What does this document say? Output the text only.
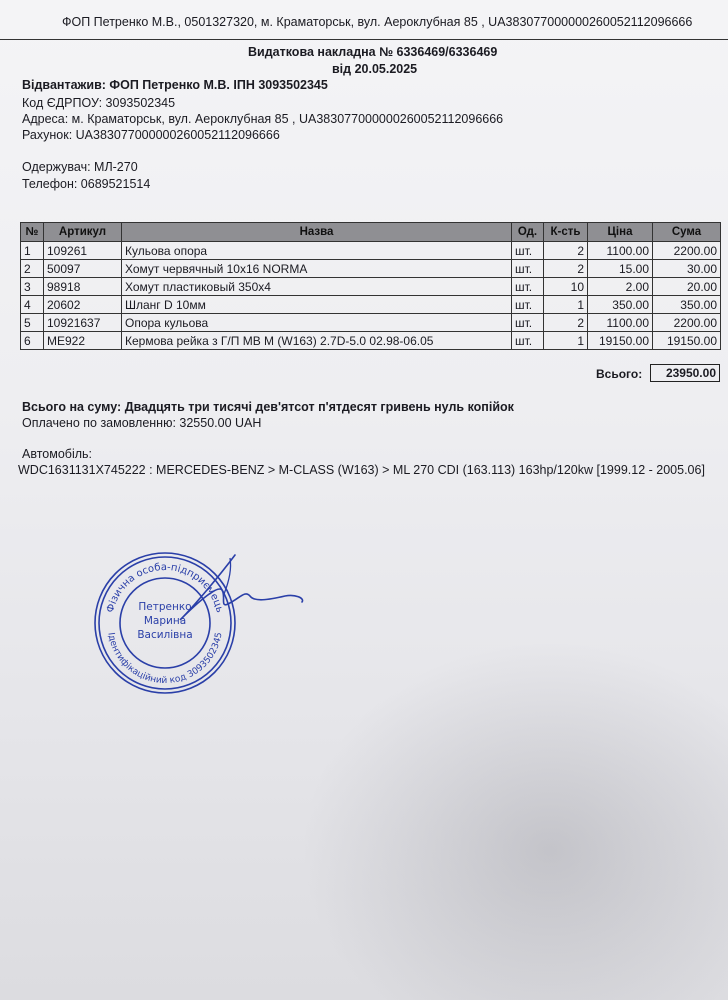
ФОП Петренко М.В., 0501327320, м. Краматорськ, вул. Аероклубная 85 , UA383077000000260052112096666
Видаткова накладна № 6336469/6336469
від 20.05.2025
Відвантажив: ФОП Петренко М.В. ІПН 3093502345
Код ЄДРПОУ: 3093502345
Адреса: м. Краматорськ, вул. Аероклубная 85 , UA383077000000260052112096666
Рахунок: UA383077000000260052112096666
Одержувач: МЛ-270
Телефон: 0689521514
№	Артикул	Назва	Од.	К-сть	Ціна	Сума
1	109261	Кульова опора	шт.	2	1100.00	2200.00
2	50097	Хомут червячный 10х16 NORMA	шт.	2	15.00	30.00
3	98918	Хомут пластиковый 350х4	шт.	10	2.00	20.00
4	20602	Шланг D 10мм	шт.	1	350.00	350.00
5	10921637	Опора кульова	шт.	2	1100.00	2200.00
6	ME922	Кермова рейка з Г/П MB M (W163) 2.7D-5.0 02.98-06.05	шт.	1	19150.00	19150.00
Всього:	23950.00
Всього на суму: Двадцять три тисячі дев'ятсот п'ятдесят гривень нуль копійок
Оплачено по замовленню: 32550.00 UAH
Автомобіль:
WDC1631131X745222 : MERCEDES-BENZ > M-CLASS (W163) > ML 270 CDI (163.113) 163hp/120kw [1999.12 - 2005.06]
Фізична особа-підприємець
Ідентифікаційний код 3093502345
Петренко
Марина
Василівна
